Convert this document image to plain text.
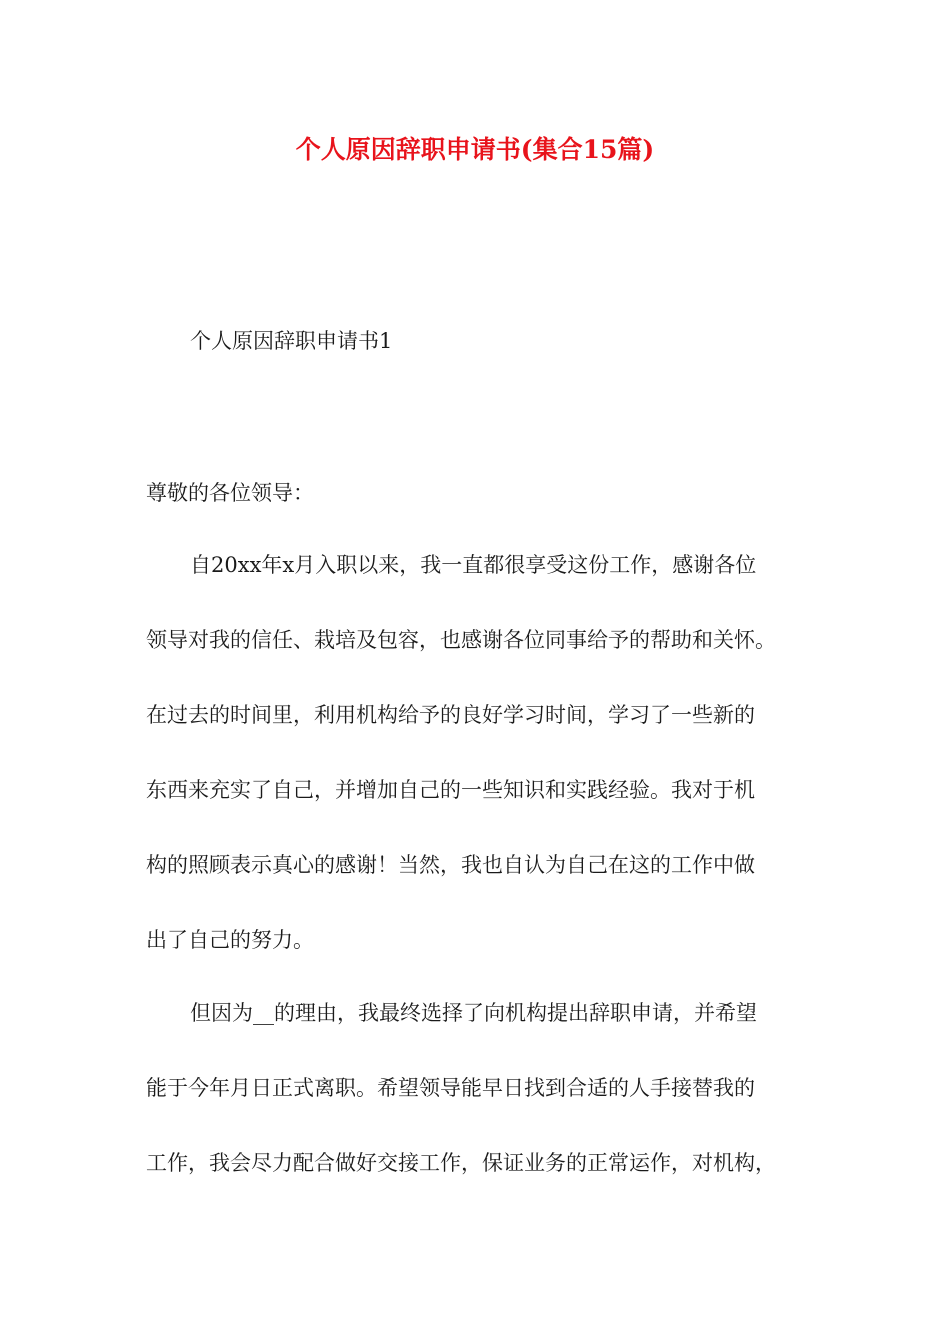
个人原因辞职申请书(集合15篇)
个人原因辞职申请书1
尊敬的各位领导：
自20xx年x月入职以来，我一直都很享受这份工作，感谢各位
领导对我的信任、栽培及包容，也感谢各位同事给予的帮助和关怀。
在过去的时间里，利用机构给予的良好学习时间，学习了一些新的
东西来充实了自己，并增加自己的一些知识和实践经验。我对于机
构的照顾表示真心的感谢！当然，我也自认为自己在这的工作中做
出了自己的努力。
但因为__的理由，我最终选择了向机构提出辞职申请，并希望
能于今年月日正式离职。希望领导能早日找到合适的人手接替我的
工作，我会尽力配合做好交接工作，保证业务的正常运作，对机构，
